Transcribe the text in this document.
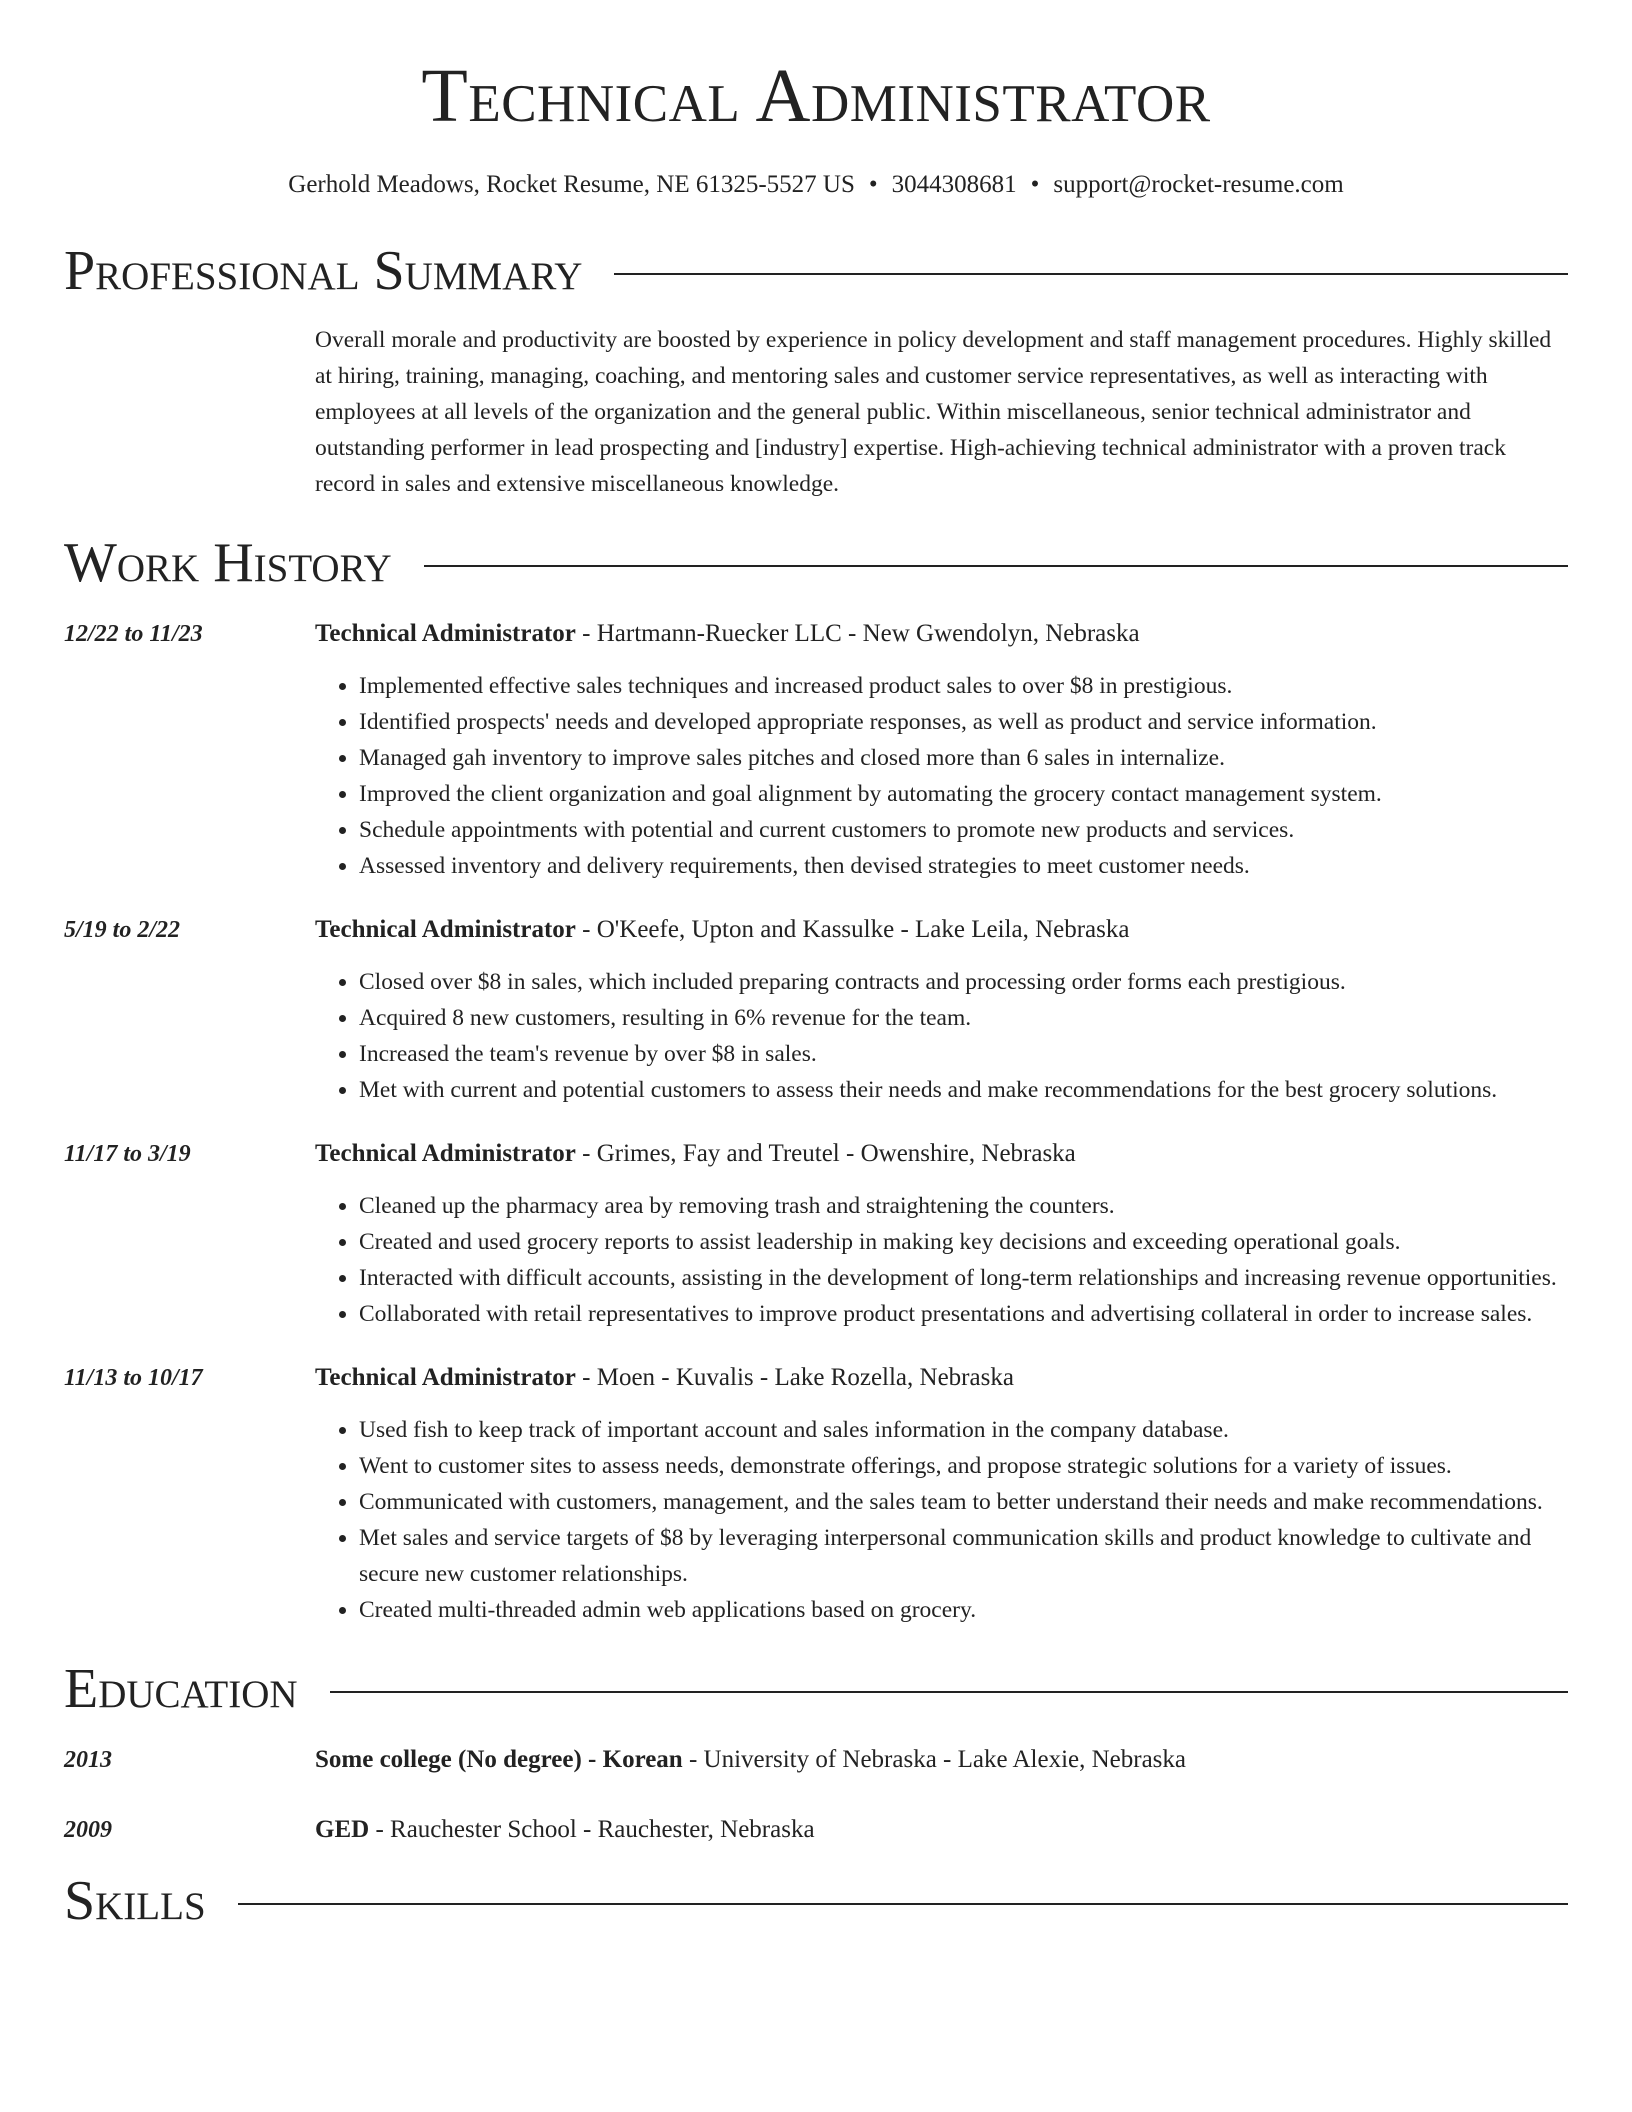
Technical Administrator
Gerhold Meadows, Rocket Resume, NE 61325-5527 US • 3044308681 • support@rocket-resume.com
Professional Summary
Overall morale and productivity are boosted by experience in policy development and staff management procedures. Highly skilled at hiring, training, managing, coaching, and mentoring sales and customer service representatives, as well as interacting with employees at all levels of the organization and the general public. Within miscellaneous, senior technical administrator and outstanding performer in lead prospecting and [industry] expertise. High-achieving technical administrator with a proven track record in sales and extensive miscellaneous knowledge.
Work History
12/22 to 11/23	Technical Administrator - Hartmann-Ruecker LLC - New Gwendolyn, Nebraska
• Implemented effective sales techniques and increased product sales to over $8 in prestigious.
• Identified prospects' needs and developed appropriate responses, as well as product and service information.
• Managed gah inventory to improve sales pitches and closed more than 6 sales in internalize.
• Improved the client organization and goal alignment by automating the grocery contact management system.
• Schedule appointments with potential and current customers to promote new products and services.
• Assessed inventory and delivery requirements, then devised strategies to meet customer needs.
5/19 to 2/22	Technical Administrator - O'Keefe, Upton and Kassulke - Lake Leila, Nebraska
• Closed over $8 in sales, which included preparing contracts and processing order forms each prestigious.
• Acquired 8 new customers, resulting in 6% revenue for the team.
• Increased the team's revenue by over $8 in sales.
• Met with current and potential customers to assess their needs and make recommendations for the best grocery solutions.
11/17 to 3/19	Technical Administrator - Grimes, Fay and Treutel - Owenshire, Nebraska
• Cleaned up the pharmacy area by removing trash and straightening the counters.
• Created and used grocery reports to assist leadership in making key decisions and exceeding operational goals.
• Interacted with difficult accounts, assisting in the development of long-term relationships and increasing revenue opportunities.
• Collaborated with retail representatives to improve product presentations and advertising collateral in order to increase sales.
11/13 to 10/17	Technical Administrator - Moen - Kuvalis - Lake Rozella, Nebraska
• Used fish to keep track of important account and sales information in the company database.
• Went to customer sites to assess needs, demonstrate offerings, and propose strategic solutions for a variety of issues.
• Communicated with customers, management, and the sales team to better understand their needs and make recommendations.
• Met sales and service targets of $8 by leveraging interpersonal communication skills and product knowledge to cultivate and secure new customer relationships.
• Created multi-threaded admin web applications based on grocery.
Education
2013	Some college (No degree) - Korean - University of Nebraska - Lake Alexie, Nebraska
2009	GED - Rauchester School - Rauchester, Nebraska
Skills
